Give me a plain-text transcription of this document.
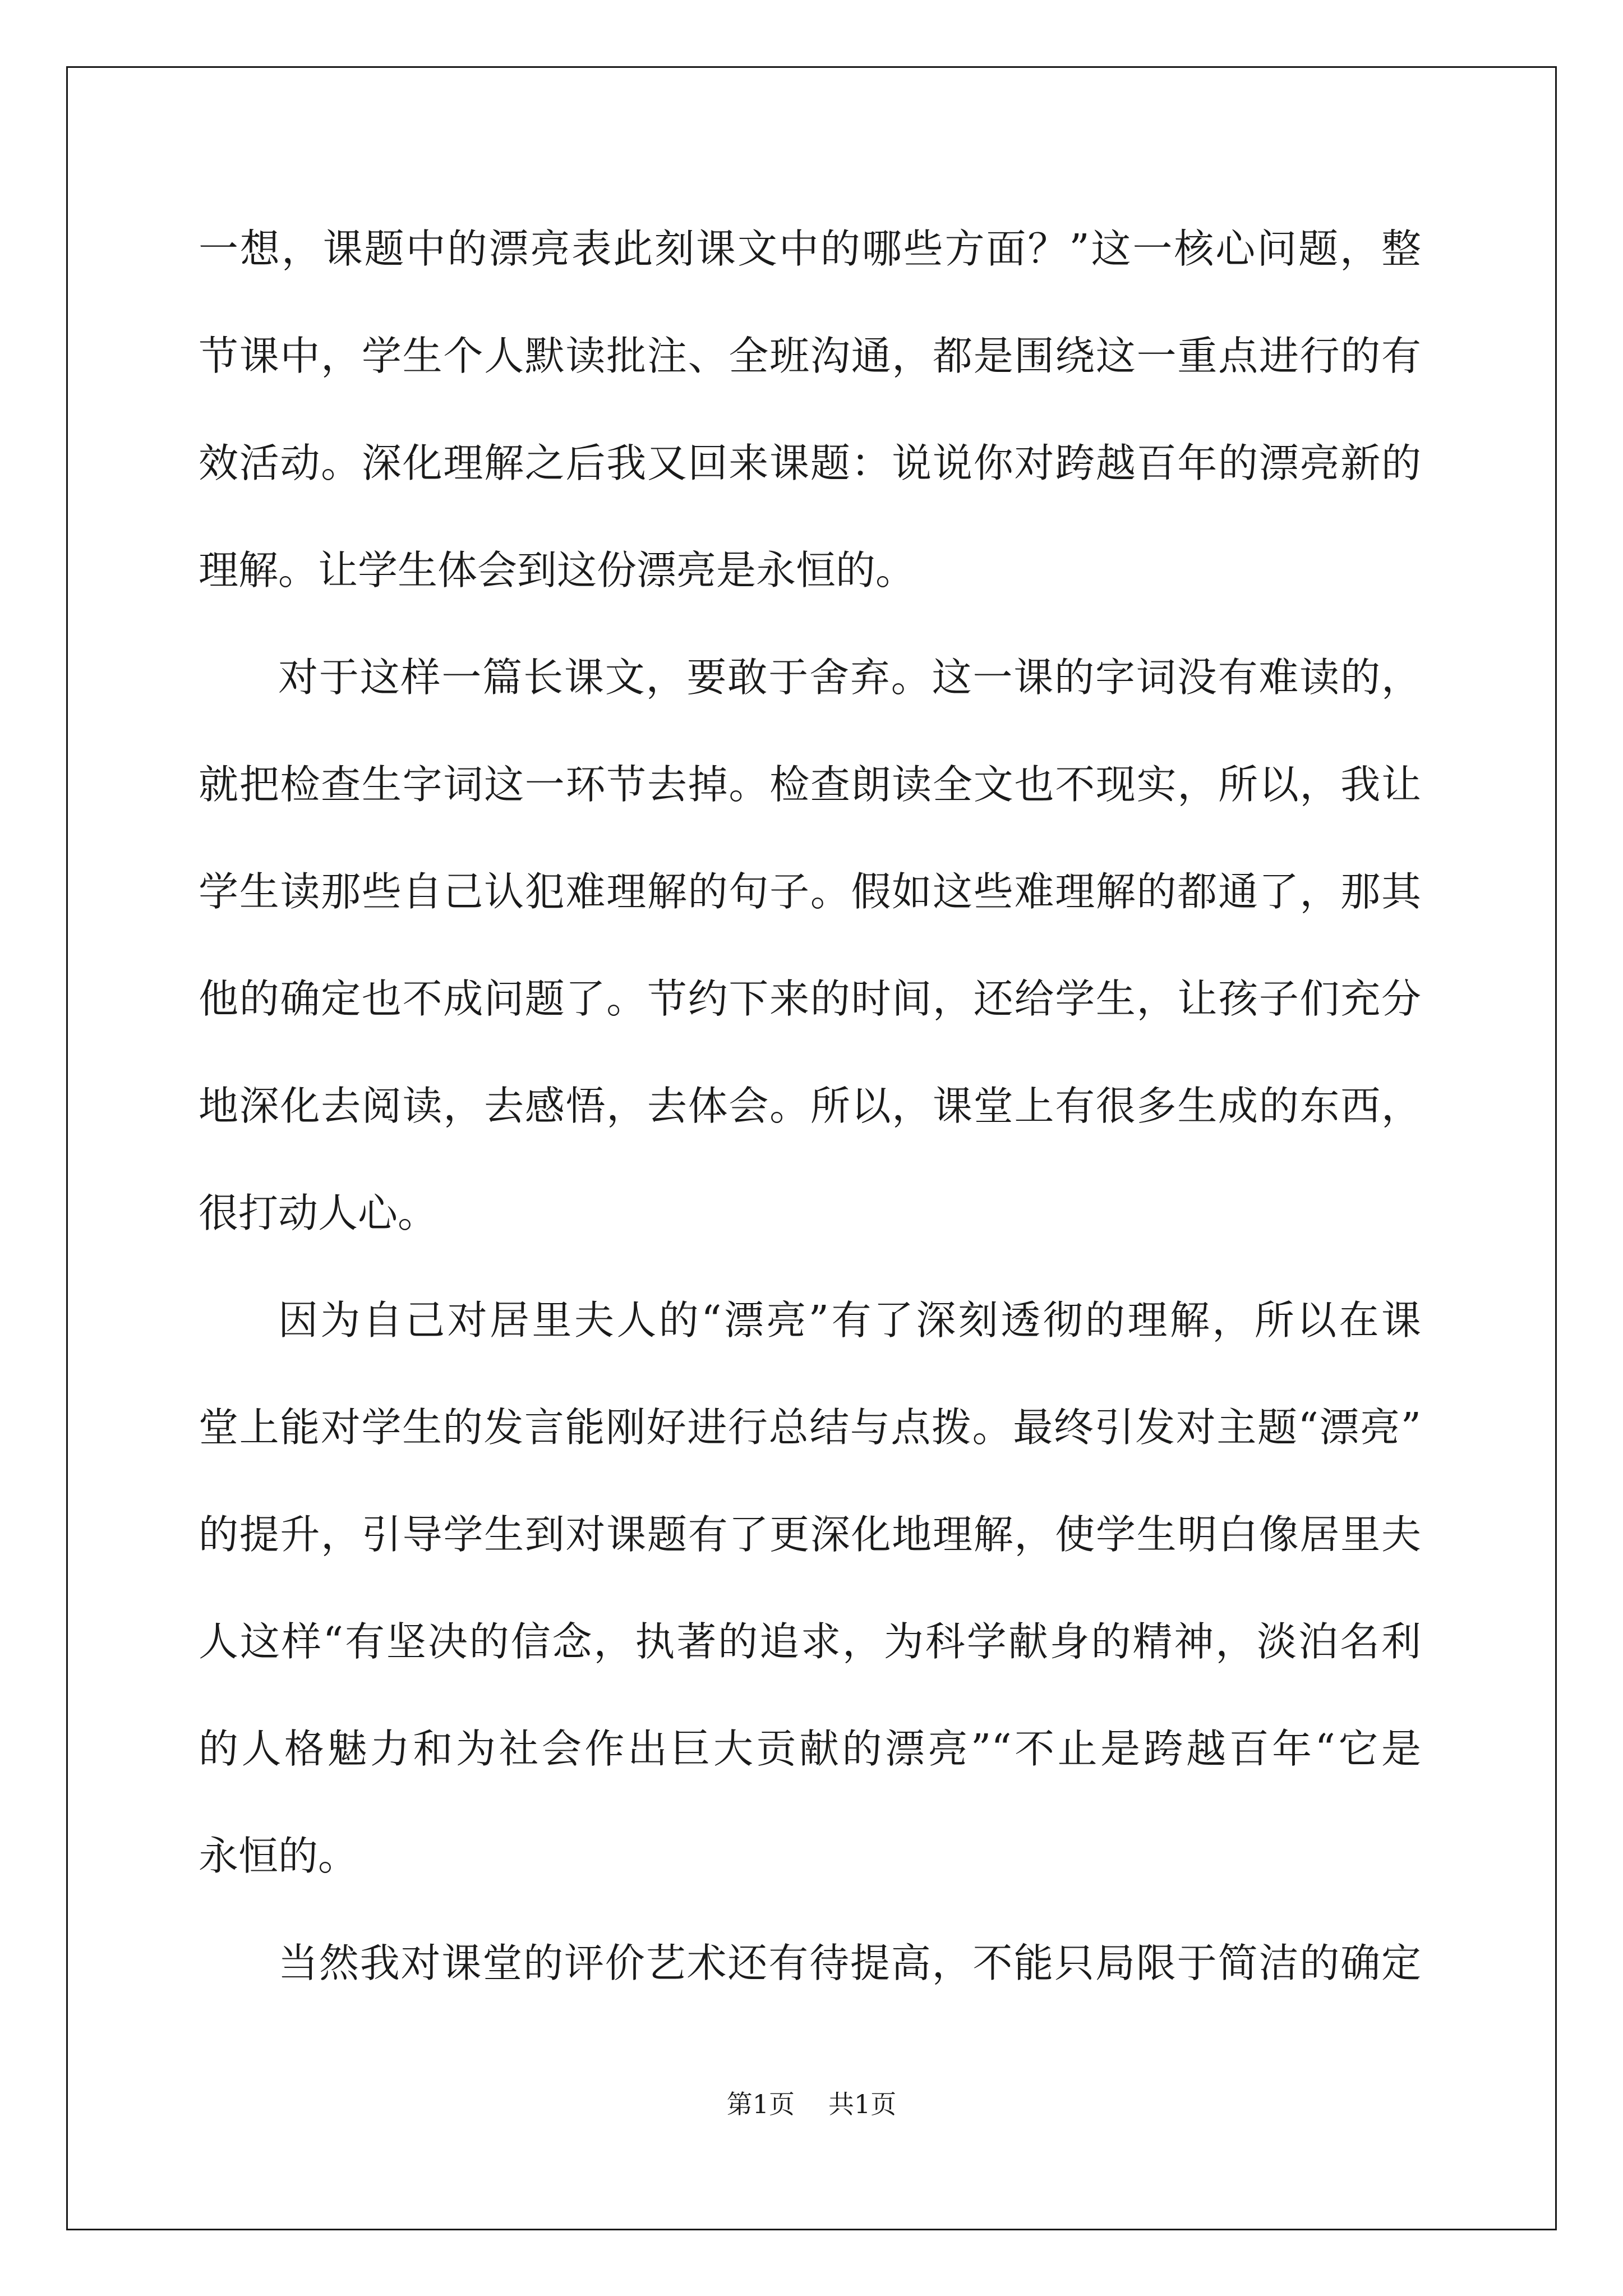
一想，课题中的漂亮表此刻课文中的哪些方面？”这一核心问题，整
节课中，学生个人默读批注、全班沟通，都是围绕这一重点进行的有
效活动。深化理解之后我又回来课题：说说你对跨越百年的漂亮新的
理解。让学生体会到这份漂亮是永恒的。
对于这样一篇长课文，要敢于舍弃。这一课的字词没有难读的，
就把检查生字词这一环节去掉。检查朗读全文也不现实，所以，我让
学生读那些自己认犯难理解的句子。假如这些难理解的都通了，那其
他的确定也不成问题了。节约下来的时间，还给学生，让孩子们充分
地深化去阅读，去感悟，去体会。所以，课堂上有很多生成的东西，
很打动人心。
因为自己对居里夫人的“漂亮”有了深刻透彻的理解，所以在课
堂上能对学生的发言能刚好进行总结与点拨。最终引发对主题“漂亮”
的提升，引导学生到对课题有了更深化地理解，使学生明白像居里夫
人这样“有坚决的信念，执著的追求，为科学献身的精神，淡泊名利
的人格魅力和为社会作出巨大贡献的漂亮”“不止是跨越百年“它是
永恒的。
当然我对课堂的评价艺术还有待提高，不能只局限于简洁的确定
第1页 共1页
